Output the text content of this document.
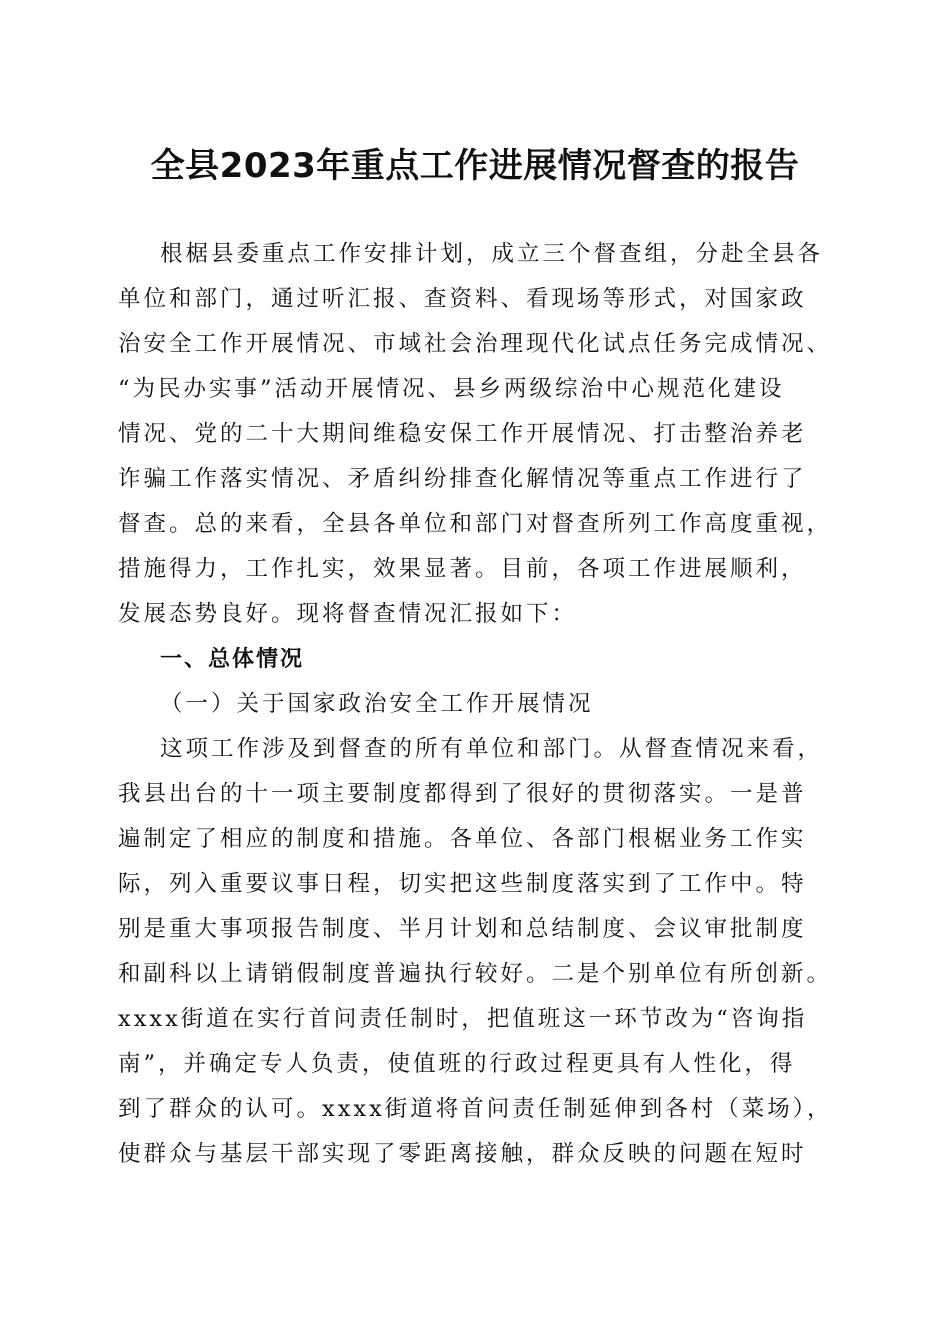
全县2023年重点工作进展情况督查的报告
根椐县委重点工作安排计划，成立三个督查组，分赴全县各
单位和部门，通过听汇报、查资料、看现场等形式，对国家政
治安全工作开展情况、市域社会治理现代化试点任务完成情况、
“为民办实事”活动开展情况、县乡两级综治中心规范化建设
情况、党的二十大期间维稳安保工作开展情况、打击整治养老
诈骗工作落实情况、矛盾纠纷排查化解情况等重点工作进行了
督查。总的来看，全县各单位和部门对督查所列工作高度重视，
措施得力，工作扎实，效果显著。目前，各项工作进展顺利，
发展态势良好。现将督查情况汇报如下：
一、总体情况
（一）关于国家政治安全工作开展情况
这项工作涉及到督查的所有单位和部门。从督查情况来看，
我县出台的十一项主要制度都得到了很好的贯彻落实。一是普
遍制定了相应的制度和措施。各单位、各部门根椐业务工作实
际，列入重要议事日程，切实把这些制度落实到了工作中。特
别是重大事项报告制度、半月计划和总结制度、会议审批制度
和副科以上请销假制度普遍执行较好。二是个别单位有所创新。
xxxx街道在实行首问责任制时，把值班这一环节改为“咨询指
南”，并确定专人负责，使值班的行政过程更具有人性化，得
到了群众的认可。xxxx街道将首问责任制延伸到各村（菜场），
使群众与基层干部实现了零距离接触，群众反映的问题在短时
